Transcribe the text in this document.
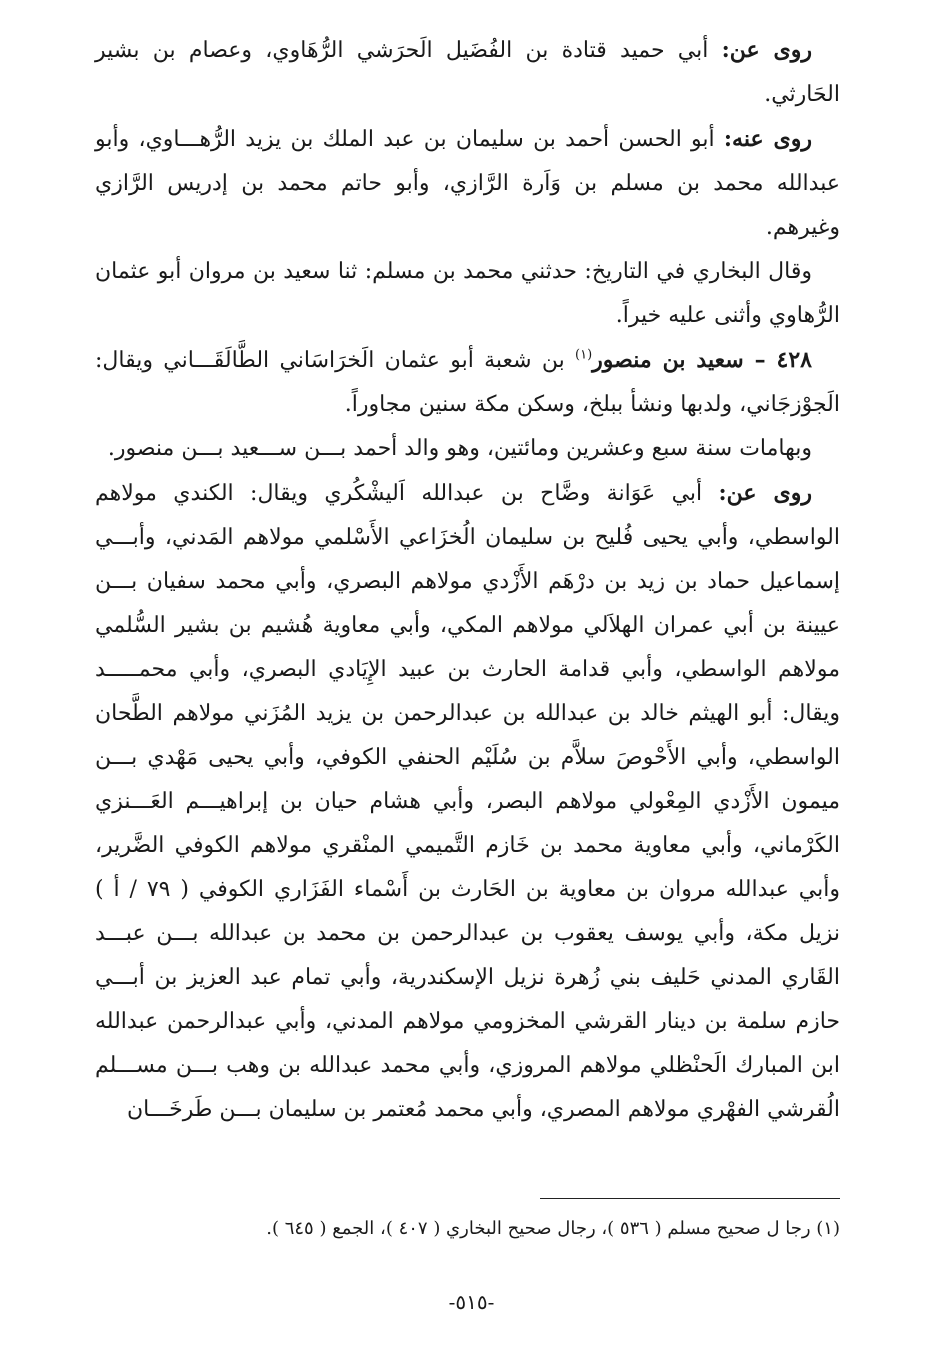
روى عن: أبي حميد قتادة بن الفُضَيل الَحرَشي الرُّهَاوي، وعصام بن بشير الحَارثي.

روى عنه: أبو الحسن أحمد بن سليمان بن عبد الملك بن يزيد الرُّهـــاوي، وأبو عبدالله محمد بن مسلم بن وَاَرة الرَّازي، وأبو حاتم محمد بن إدريس الرَّازي وغيرهم.

وقال البخاري في التاريخ: حدثني محمد بن مسلم: ثنا سعيد بن مروان أبو عثمان الرُّهاوي وأثنى عليه خيراً.

٤٢٨ – سعيد بن منصور$^{(١)}$ بن شعبة أبو عثمان الَخرَاسَاني الطَّالَقَـــاني ويقال: الَجوْزجَاني، ولدبها ونشأ ببلخ، وسكن مكة سنين مجاوراً.

وبهامات سنة سبع وعشرين ومائتين، وهو والد أحمد بـــن ســـعيد بـــن منصور.

روى عن: أبي عَوَانة وضَّاح بن عبدالله اَليشْكُري ويقال: الكندي مولاهم الواسطي، وأبي يحيى فُليح بن سليمان الُخزَاعي الأَسْلمي مولاهم المَدني، وأبـــي إسماعيل حماد بن زيد بن درْهَم الأَزْدي مولاهم البصري، وأبي محمد سفيان بـــن عيينة بن أبي عمران الهلاَلي مولاهم المكي، وأبي معاوية هُشيم بن بشير السُّلمي مولاهم الواسطي، وأبي قدامة الحارث بن عبيد الإِيَادي البصري، وأبي محمـــــد ويقال: أبو الهيثم خالد بن عبدالله بن عبدالرحمن بن يزيد المُزَني مولاهم الطَّحان الواسطي، وأبي الأَحْوصَ سلاَّم بن سُلَيْم الحنفي الكوفي، وأبي يحيى مَهْدي بـــن ميمون الأَزْدي المِعْولي مولاهم البصر، وأبي هشام حيان بن إبراهيـــم العَـــنزي الكَرْماني، وأبي معاوية محمد بن خَازم التَّميمي المنْقري مولاهم الكوفي الضَّرير، وأبي عبدالله مروان بن معاوية بن الحَارث بن أَسْماء الفَزَاري الكوفي ( ٧٩ / أ ) نزيل مكة، وأبي يوسف يعقوب بن عبدالرحمن بن محمد بن عبدالله بـــن عبـــد القَاري المدني حَليف بني زُهرة نزيل الإسكندرية، وأبي تمام عبد العزيز بن أبـــي حازم سلمة بن دينار القرشي المخزومي مولاهم المدني، وأبي عبدالرحمن عبدالله ابن المبارك الَحنْظلي مولاهم المروزي، وأبي محمد عبدالله بن وهب بـــن مســـلم الُقرشي الفهْري مولاهم المصري، وأبي محمد مُعتمر بن سليمان بـــن طَرخَـــان

(١) رجا ل صحيح مسلم ( ٥٣٦ )، رجال صحيح البخاري ( ٤٠٧ )، الجمع ( ٦٤٥ ).
-٥١٥-
